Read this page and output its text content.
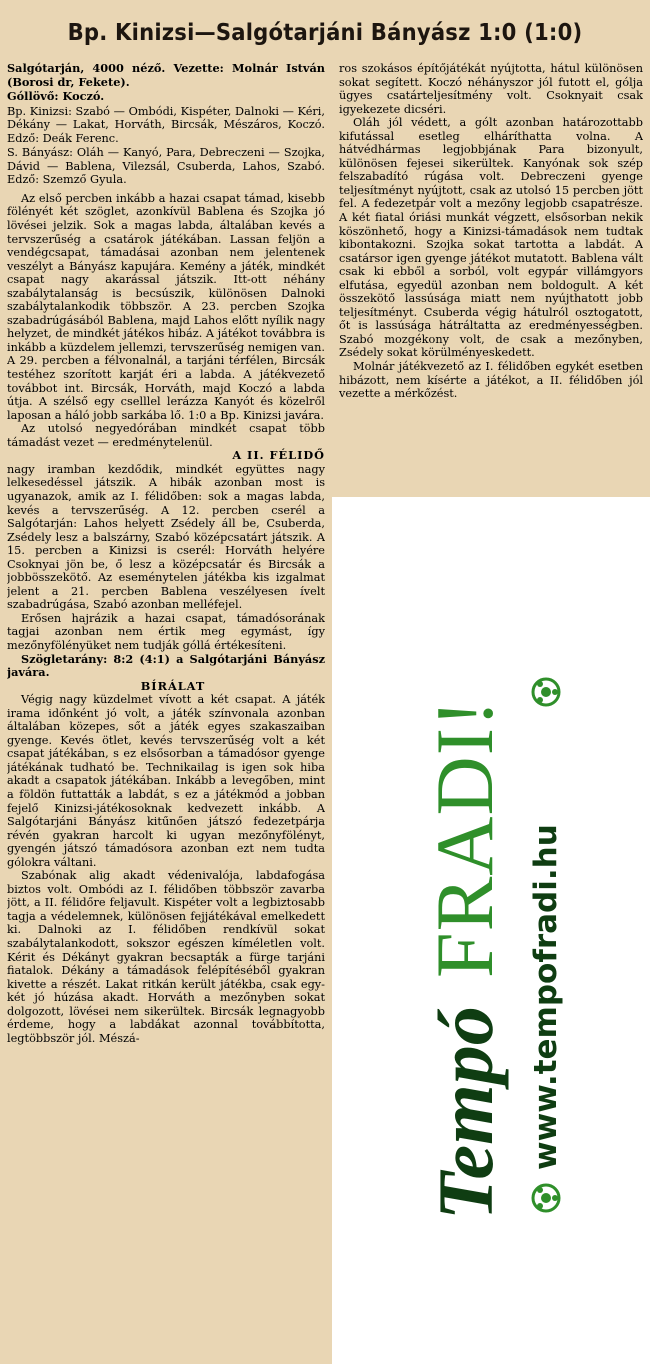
Bp. Kinizsi—Salgótarjáni Bányász 1:0 (1:0)

Salgótarján, 4000 néző. Vezette: Molnár István (Borosi dr, Fekete).

Góllövő: Koczó.

Bp. Kinizsi: Szabó — Ombódi, Kispéter, Dalnoki — Kéri, Dékány — Lakat, Horváth, Bircsák, Mészáros, Koczó. Edző: Deák Ferenc.

S. Bányász: Oláh — Kanyó, Para, Debreczeni — Szojka, Dávid — Bablena, Vilezsál, Csuberda, Lahos, Szabó. Edző: Szemző Gyula.

Az első percben inkább a hazai csapat támad, kisebb fölényét két szöglet, azonkívül Bablena és Szojka jó lövései jelzik. Sok a magas labda, általában kevés a tervszerűség a csatárok játékában. Lassan feljön a vendégcsapat, támadásai azonban nem jelentenek veszélyt a Bányász kapujára. Kemény a játék, mindkét csapat nagy akarással játszik. Itt-ott néhány szabálytalanság is becsúszik, különösen Dalnoki szabálytalankodik többször. A 23. percben Szojka szabadrúgásából Bablena, majd Lahos előtt nyílik nagy helyzet, de mindkét játékos hibáz. A játékot továbbra is inkább a küzdelem jellemzi, tervszerűség nemigen van. A 29. percben a félvonalnál, a tarjáni térfélen, Bircsák testéhez szorított karját éri a labda. A játékvezető továbbot int. Bircsák, Horváth, majd Koczó a labda útja. A szélső egy cselllel lerázza Kanyót és közelről laposan a háló jobb sarkába lő. 1:0 a Bp. Kinizsi javára.

Az utolsó negyedórában mindkét csapat több támadást vezet — eredménytelenül.

A II. FÉLIDŐ

nagy iramban kezdődik, mindkét együttes nagy lelkesedéssel játszik. A hibák azonban most is ugyanazok, amik az I. félidőben: sok a magas labda, kevés a tervszerűség. A 12. percben cserél a Salgótarján: Lahos helyett Zsédely áll be, Csuberda, Zsédely lesz a balszárny, Szabó középcsatárt játszik. A 15. percben a Kinizsi is cserél: Horváth helyére Csoknyai jön be, ő lesz a középcsatár és Bircsák a jobbösszekötő. Az eseménytelen játékba kis izgalmat jelent a 21. percben Bablena veszélyesen ívelt szabadrúgása, Szabó azonban melléfejel.

Erősen hajrázik a hazai csapat, támadósorának tagjai azonban nem értik meg egymást, így mezőnyfölényüket nem tudják góllá értékesíteni.

Szögletarány: 8:2 (4:1) a Salgótarjáni Bányász javára.

BÍRÁLAT

Végig nagy küzdelmet vívott a két csapat. A játék irama időnként jó volt, a játék színvonala azonban általában közepes, sőt a játék egyes szakaszaiban gyenge. Kevés ötlet, kevés tervszerűség volt a két csapat játékában, s ez elsősorban a támadósor gyenge játékának tudható be. Technikailag is igen sok hiba akadt a csapatok játékában. Inkább a levegőben, mint a földön futtatták a labdát, s ez a játékmód a jobban fejelő Kinizsi-játékosoknak kedvezett inkább. A Salgótarjáni Bányász kitűnően játszó fedezetpárja révén gyakran harcolt ki ugyan mezőnyfölényt, gyengén játszó támadósora azonban ezt nem tudta gólokra váltani.

Szabónak alig akadt védenivalója, labdafogása biztos volt. Ombódi az I. félidőben többször zavarba jött, a II. félidőre feljavult. Kispéter volt a legbiztosabb tagja a védelemnek, különösen fejjátékával emelkedett ki. Dalnoki az I. félidőben rendkívül sokat szabálytalankodott, sokszor egészen kíméletlen volt. Kérit és Dékányt gyakran becsapták a fürge tarjáni fiatalok. Dékány a támadások felépítéséből gyakran kivette a részét. Lakat ritkán került játékba, csak egy-két jó húzása akadt. Horváth a mezőnyben sokat dolgozott, lövései nem sikerültek. Bircsák legnagyobb érdeme, hogy a labdákat azonnal továbbította, legtöbbször jól. Mészá-

ros szokásos építőjátékát nyújtotta, hátul különösen sokat segített. Koczó néhányszor jól futott el, gólja ügyes csatárteljesítmény volt. Csoknyait csak igyekezete dicséri.

Oláh jól védett, a gólt azonban határozottabb kifutással esetleg elháríthatta volna. A hátvédhármas legjobbjának Para bizonyult, különösen fejesei sikerültek. Kanyónak sok szép felszabadító rúgása volt. Debreczeni gyenge teljesítményt nyújtott, csak az utolsó 15 percben jött fel. A fedezetpár volt a mezőny legjobb csapatrésze. A két fiatal óriási munkát végzett, elsősorban nekik köszönhető, hogy a Kinizsi-támadások nem tudtak kibontakozni. Szojka sokat tartotta a labdát. A csatársor igen gyenge játékot mutatott. Bablena vált csak ki ebből a sorból, volt egypár villámgyors elfutása, egyedül azonban nem boldogult. A két összekötő lassúsága miatt nem nyújthatott jobb teljesítményt. Csuberda végig hátulról osztogatott, őt is lassúsága hátráltatta az eredményességben. Szabó mozgékony volt, de csak a mezőnyben, Zsédely sokat körülményeskedett.

Molnár játékvezető az I. félidőben egykét esetben hibázott, nem kísérte a játékot, a II. félidőben jól vezette a mérkőzést.

Tempó
FRADI! www.tempofradi.hu
